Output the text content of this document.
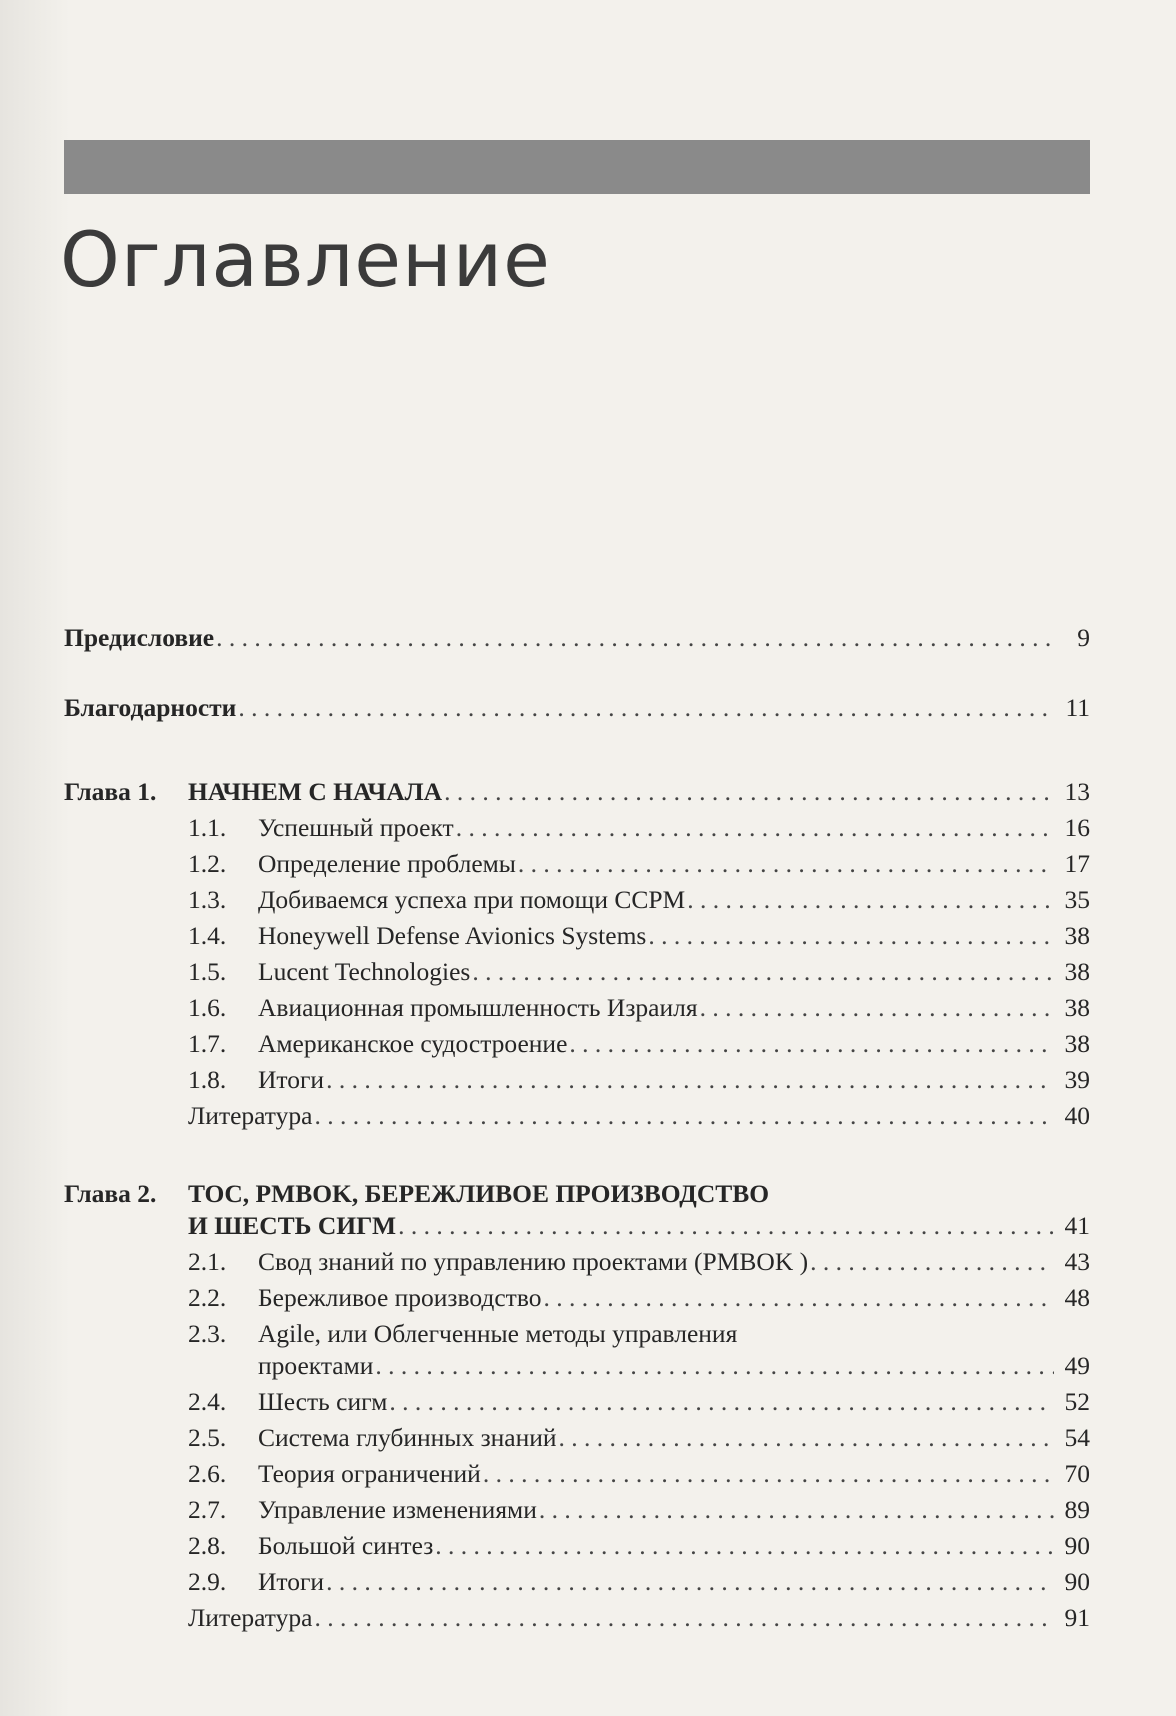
Оглавление
Предисловие . . .	9
Благодарности . . .	11
Глава 1. НАЧНЕМ С НАЧАЛА . . .	13
1.1.	Успешный проект . . .	16
1.2.	Определение проблемы . . .	17
1.3.	Добиваемся успеха при помощи CCPM . . .	35
1.4.	Honeywell Defense Avionics Systems . . .	38
1.5.	Lucent Technologies . . .	38
1.6.	Авиационная промышленность Израиля . . .	38
1.7.	Американское судостроение . . .	38
1.8.	Итоги . . .	39
Литература . . .	40
Глава 2. TOC, PMBOK, БЕРЕЖЛИВОЕ ПРОИЗВОДСТВО
И ШЕСТЬ СИГМ . . .	41
2.1.	Свод знаний по управлению проектами (PMBOK ) . . .	43
2.2.	Бережливое производство . . .	48
2.3.	Agile, или Облегченные методы управления
проектами . . .	49
2.4.	Шесть сигм . . .	52
2.5.	Система глубинных знаний . . .	54
2.6.	Теория ограничений . . .	70
2.7.	Управление изменениями . . .	89
2.8.	Большой синтез . . .	90
2.9.	Итоги . . .	90
Литература . . .	91
